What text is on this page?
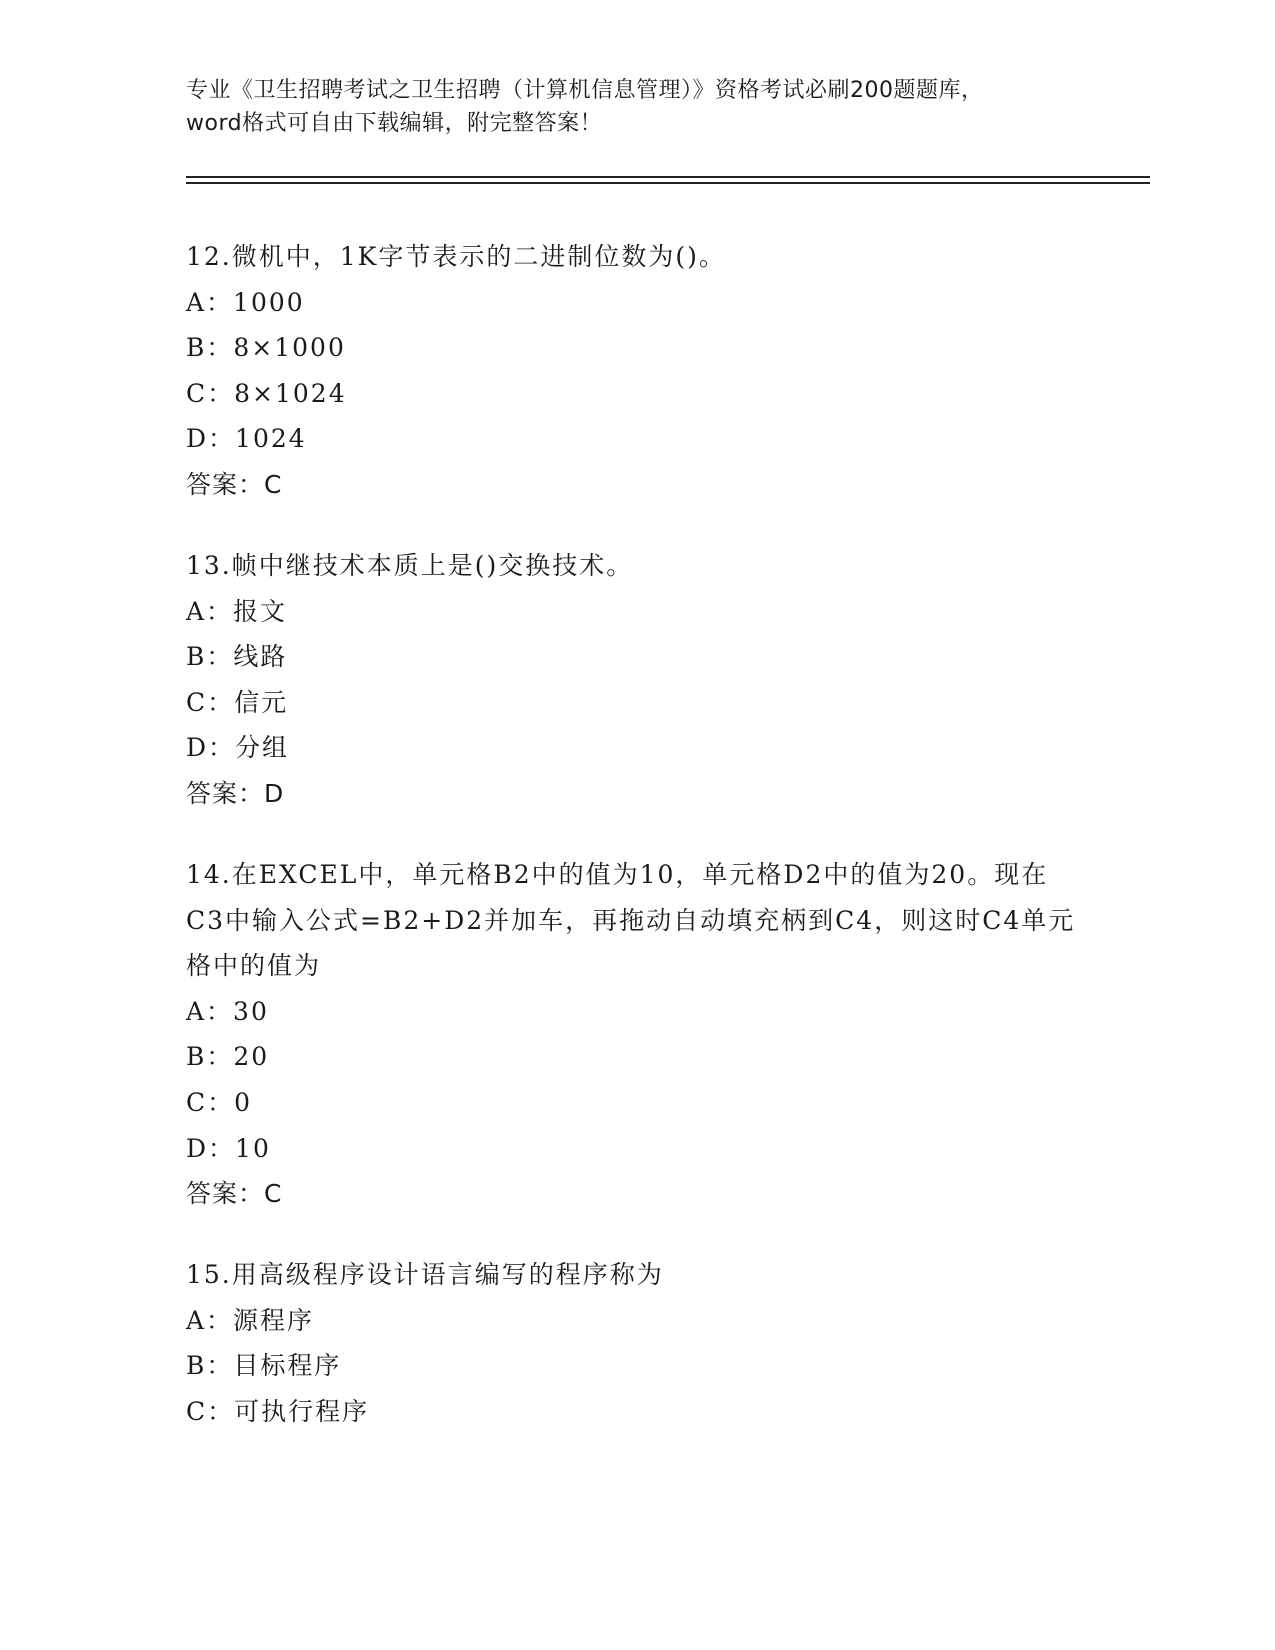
专业《卫生招聘考试之卫生招聘（计算机信息管理）》资格考试必刷200题题库，
word格式可自由下载编辑，附完整答案！

12.微机中，1K字节表示的二进制位数为()。

A：1000

B：8×1000

C：8×1024

D：1024

答案：C

13.帧中继技术本质上是()交换技术。

A：报文

B：线路

C：信元

D：分组

答案：D

14.在EXCEL中，单元格B2中的值为10，单元格D2中的值为20。现在C3中输入公式=B2+D2并加车，再拖动自动填充柄到C4，则这时C4单元格中的值为

A：30

B：20

C：0

D：10

答案：C

15.用高级程序设计语言编写的程序称为

A：源程序

B：目标程序

C：可执行程序
